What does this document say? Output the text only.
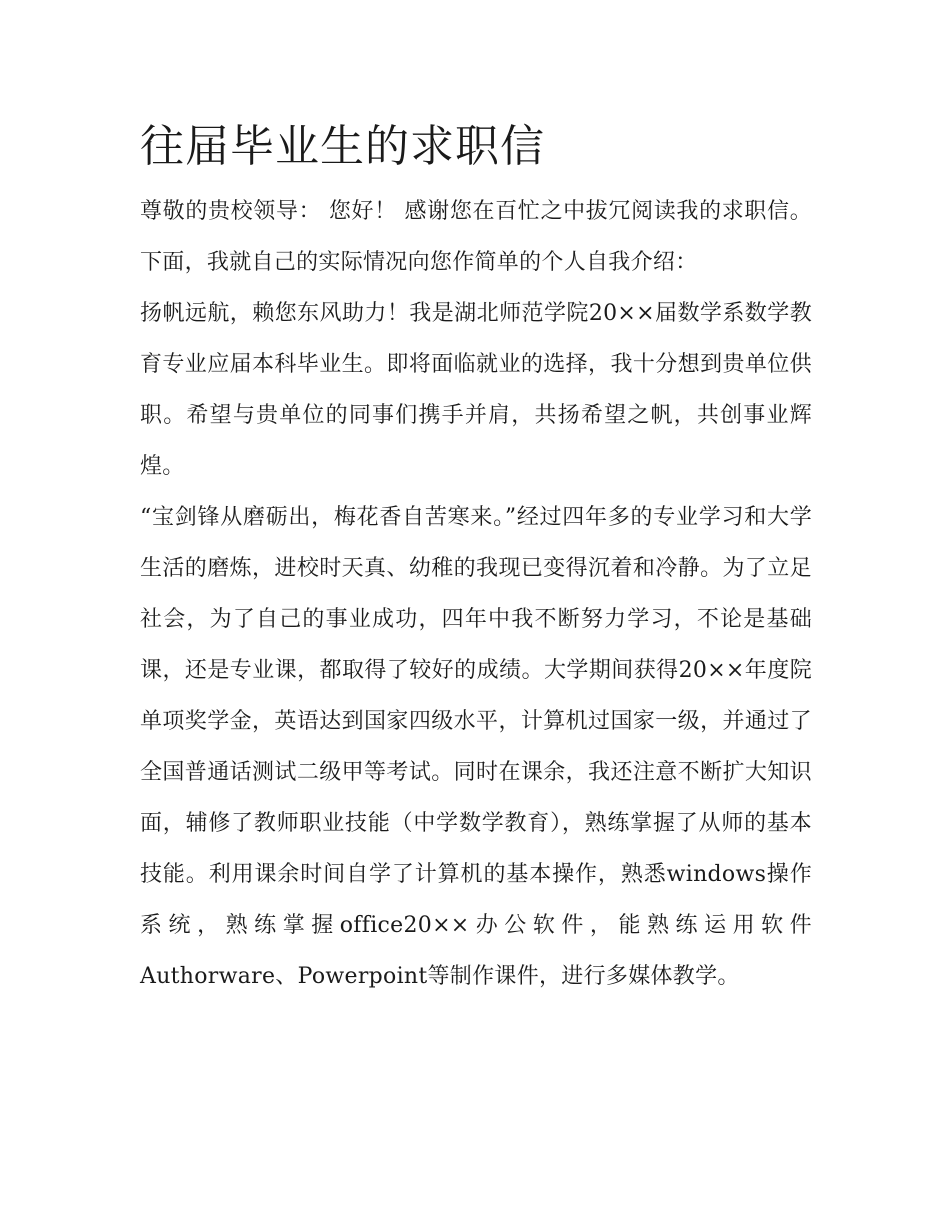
往届毕业生的求职信

尊敬的贵校领导： 您好！ 感谢您在百忙之中拔冗阅读我的求职信。下面，我就自己的实际情况向您作简单的个人自我介绍：

扬帆远航，赖您东风助力！我是湖北师范学院20××届数学系数学教育专业应届本科毕业生。即将面临就业的选择，我十分想到贵单位供职。希望与贵单位的同事们携手并肩，共扬希望之帆，共创事业辉煌。

“宝剑锋从磨砺出，梅花香自苦寒来。”经过四年多的专业学习和大学生活的磨炼，进校时天真、幼稚的我现已变得沉着和冷静。为了立足社会，为了自己的事业成功，四年中我不断努力学习，不论是基础课，还是专业课，都取得了较好的成绩。大学期间获得20××年度院单项奖学金，英语达到国家四级水平，计算机过国家一级，并通过了全国普通话测试二级甲等考试。同时在课余，我还注意不断扩大知识面，辅修了教师职业技能（中学数学教育），熟练掌握了从师的基本技能。利用课余时间自学了计算机的基本操作，熟悉windows操作系统，熟练掌握office20××办公软件，能熟练运用软件Authorware、Powerpoint等制作课件，进行多媒体教学。
